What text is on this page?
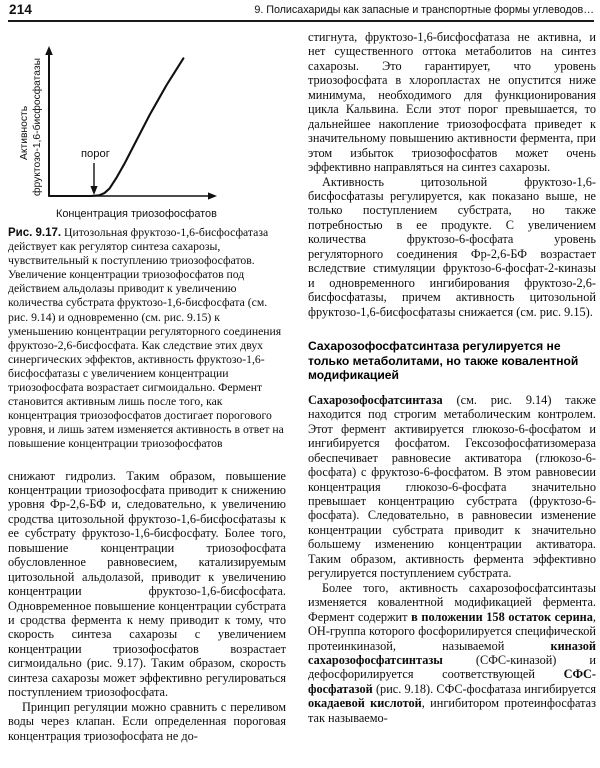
214	9. Полисахариды как запасные и транспортные формы углеводов…
порог
Активность фруктозо-1,6-бисфосфатазы
Концентрация триозофосфатов
Рис. 9.17. Цитозольная фруктозо-1,6-бисфосфатаза действует как регулятор синтеза сахарозы, чувствительный к поступлению триозофосфатов. Увеличение концентрации триозофосфатов под действием альдолазы приводит к увеличению количества субстрата фруктозо-1,6-бисфосфата (см. рис. 9.14) и одновременно (см. рис. 9.15) к уменьшению концентрации регуляторного соединения фруктозо-2,6-бисфосфата. Как следствие этих двух синергических эффектов, активность фруктозо-1,6-бисфосфатазы с увеличением концентрации триозофосфата возрастает сигмоидально. Фермент становится активным лишь после того, как концентрация триозофосфатов достигает порогового уровня, и лишь затем изменяется активность в ответ на повышение концентрации триозофосфатов

снижают гидролиз. Таким образом, повышение концентрации триозофосфата приводит к снижению уровня Фр-2,6-БФ и, следовательно, к увеличению сродства цитозольной фруктозо-1,6-бисфосфатазы к ее субстрату фруктозо-1,6-бисфосфату. Более того, повышение концентрации триозофосфата обусловленное равновесием, катализируемым цитозольной альдолазой, приводит к увеличению концентрации фруктозо-1,6-бисфосфата. Одновременное повышение концентрации субстрата и сродства фермента к нему приводит к тому, что скорость синтеза сахарозы с увеличением концентрации триозофосфатов возрастает сигмоидально (рис. 9.17). Таким образом, скорость синтеза сахарозы может эффективно регулироваться поступлением триозофосфата.

Принцип регуляции можно сравнить с переливом воды через клапан. Если определенная пороговая концентрация триозофосфата не до-

стигнута, фруктозо-1,6-бисфосфатаза не активна, и нет существенного оттока метаболитов на синтез сахарозы. Это гарантирует, что уровень триозофосфата в хлоропластах не опустится ниже минимума, необходимого для функционирования цикла Кальвина. Если этот порог превышается, то дальнейшее накопление триозофосфата приведет к значительному повышению активности фермента, при этом избыток триозофосфатов может очень эффективно направляться на синтез сахарозы.

Активность цитозольной фруктозо-1,6-бисфосфатазы регулируется, как показано выше, не только поступлением субстрата, но также потребностью в ее продукте. С увеличением количества фруктозо-6-фосфата уровень регуляторного соединения Фр-2,6-БФ возрастает вследствие стимуляции фруктозо-6-фосфат-2-киназы и одновременного ингибирования фруктозо-2,6-бисфосфатазы, причем активность цитозольной фруктозо-1,6-бисфосфатазы снижается (см. рис. 9.15).

Сахарозофосфатсинтаза регулируется не только метаболитами, но также ковалентной модификацией

Сахарозофосфатсинтаза (см. рис. 9.14) также находится под строгим метаболическим контролем. Этот фермент активируется глюкозо-6-фосфатом и ингибируется фосфатом. Гексозофосфатизомераза обеспечивает равновесие активатора (глюкозо-6-фосфата) с фруктозо-6-фосфатом. В этом равновесии концентрация глюкозо-6-фосфата значительно превышает концентрацию субстрата (фруктозо-6-фосфата). Следовательно, в равновесии изменение концентрации субстрата приводит к значительно большему изменению концентрации активатора. Таким образом, активность фермента эффективно регулируется поступлением субстрата.

Более того, активность сахарозофосфатсинтазы изменяется ковалентной модификацией фермента. Фермент содержит в положении 158 остаток серина, ОН-группа которого фосфорилируется специфической протеинкиназой, называемой киназой сахарозофосфатсинтазы (СФС-киназой) и дефосфорилируется соответствующей СФС-фосфатазой (рис. 9.18). СФС-фосфатаза ингибируется окадаевой кислотой, ингибитором протеинфосфатаз так называемо-
